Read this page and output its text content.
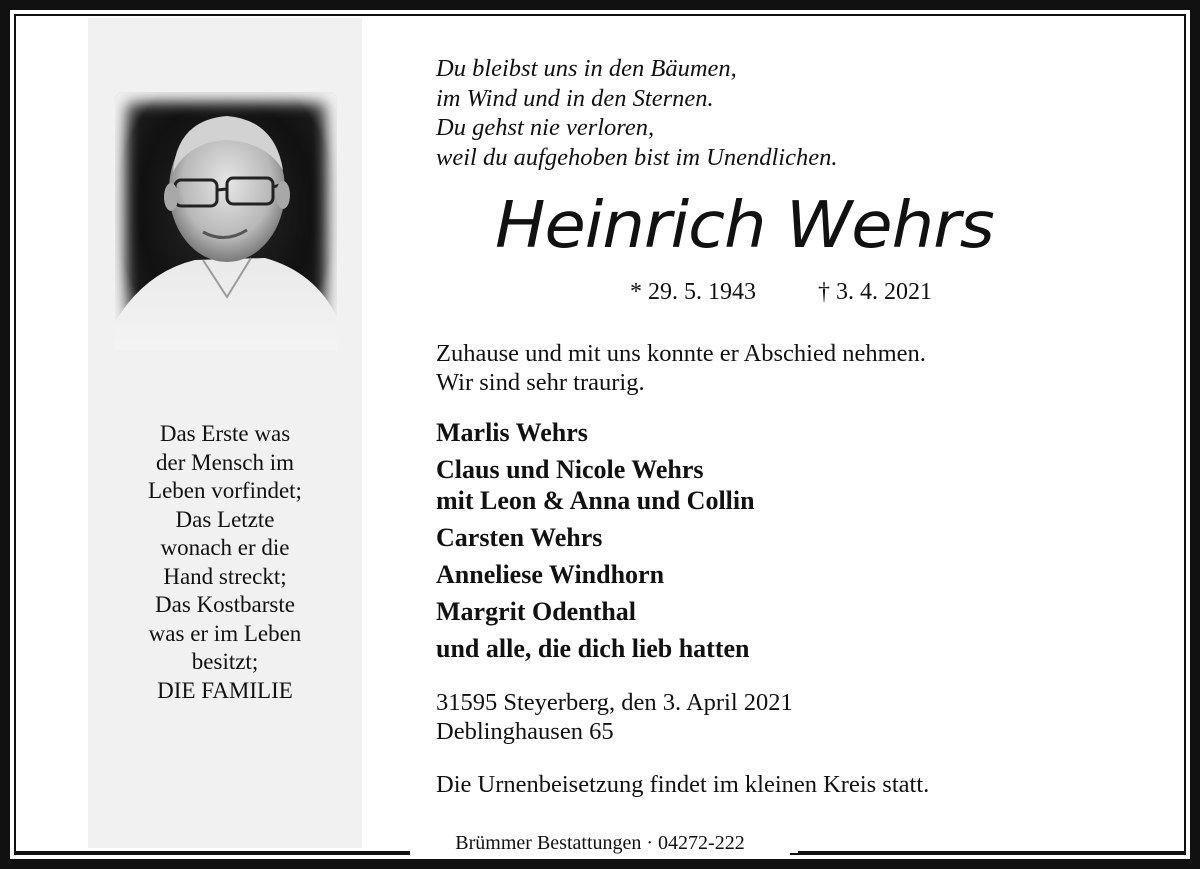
Das Erste was
der Mensch im
Leben vorfindet;
Das Letzte
wonach er die
Hand streckt;
Das Kostbarste
was er im Leben
besitzt;
DIE FAMILIE
Du bleibst uns in den Bäumen,
im Wind und in den Sternen.
Du gehst nie verloren,
weil du aufgehoben bist im Unendlichen.
Heinrich Wehrs
* 29. 5. 1943	† 3. 4. 2021
Zuhause und mit uns konnte er Abschied nehmen.
Wir sind sehr traurig.
Marlis Wehrs
Claus und Nicole Wehrs
mit Leon & Anna und Collin
Carsten Wehrs
Anneliese Windhorn
Margrit Odenthal
und alle, die dich lieb hatten
31595 Steyerberg, den 3. April 2021
Deblinghausen 65
Die Urnenbeisetzung findet im kleinen Kreis statt.
Brümmer Bestattungen · 04272-222
